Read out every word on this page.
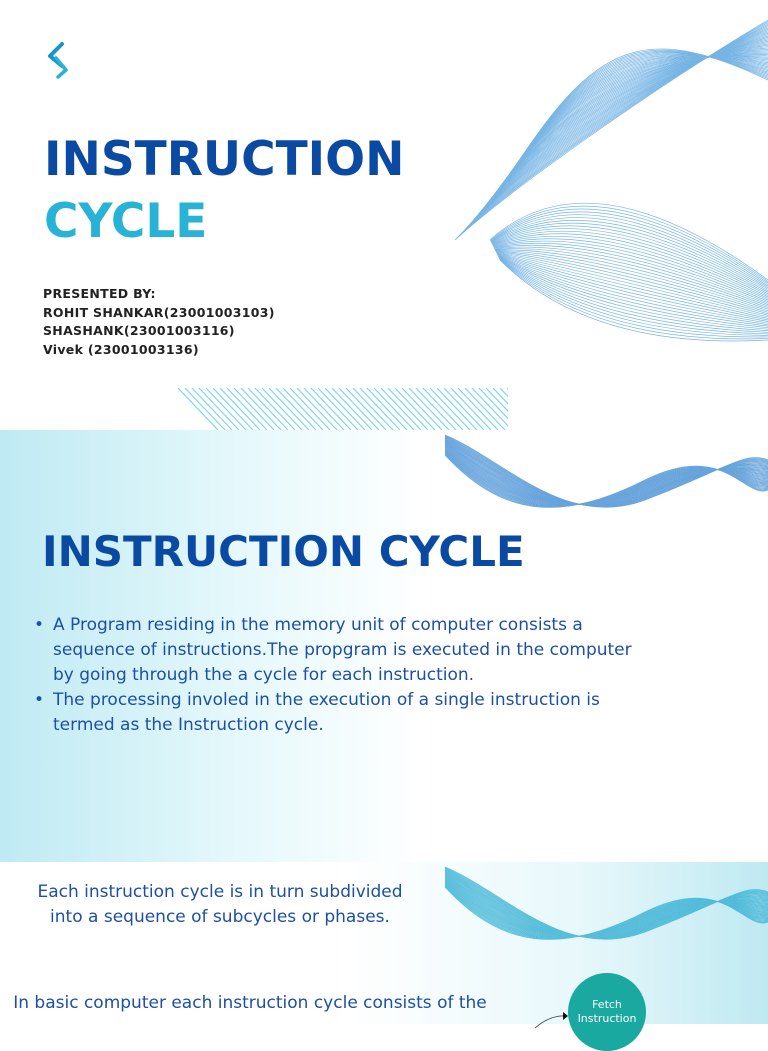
INSTRUCTION
CYCLE
PRESENTED BY:
ROHIT SHANKAR(23001003103)
SHASHANK(23001003116)
Vivek (23001003136)
INSTRUCTION CYCLE
• A Program residing in the memory unit of computer consists a sequence of instructions.The propgram is executed in the computer by going through the a cycle for each instruction.
• The processing involed in the execution of a single instruction is termed as the Instruction cycle.
Each instruction cycle is in turn subdivided into a sequence of subcycles or phases.
In basic computer each instruction cycle consists of the	Fetch
Instruction
